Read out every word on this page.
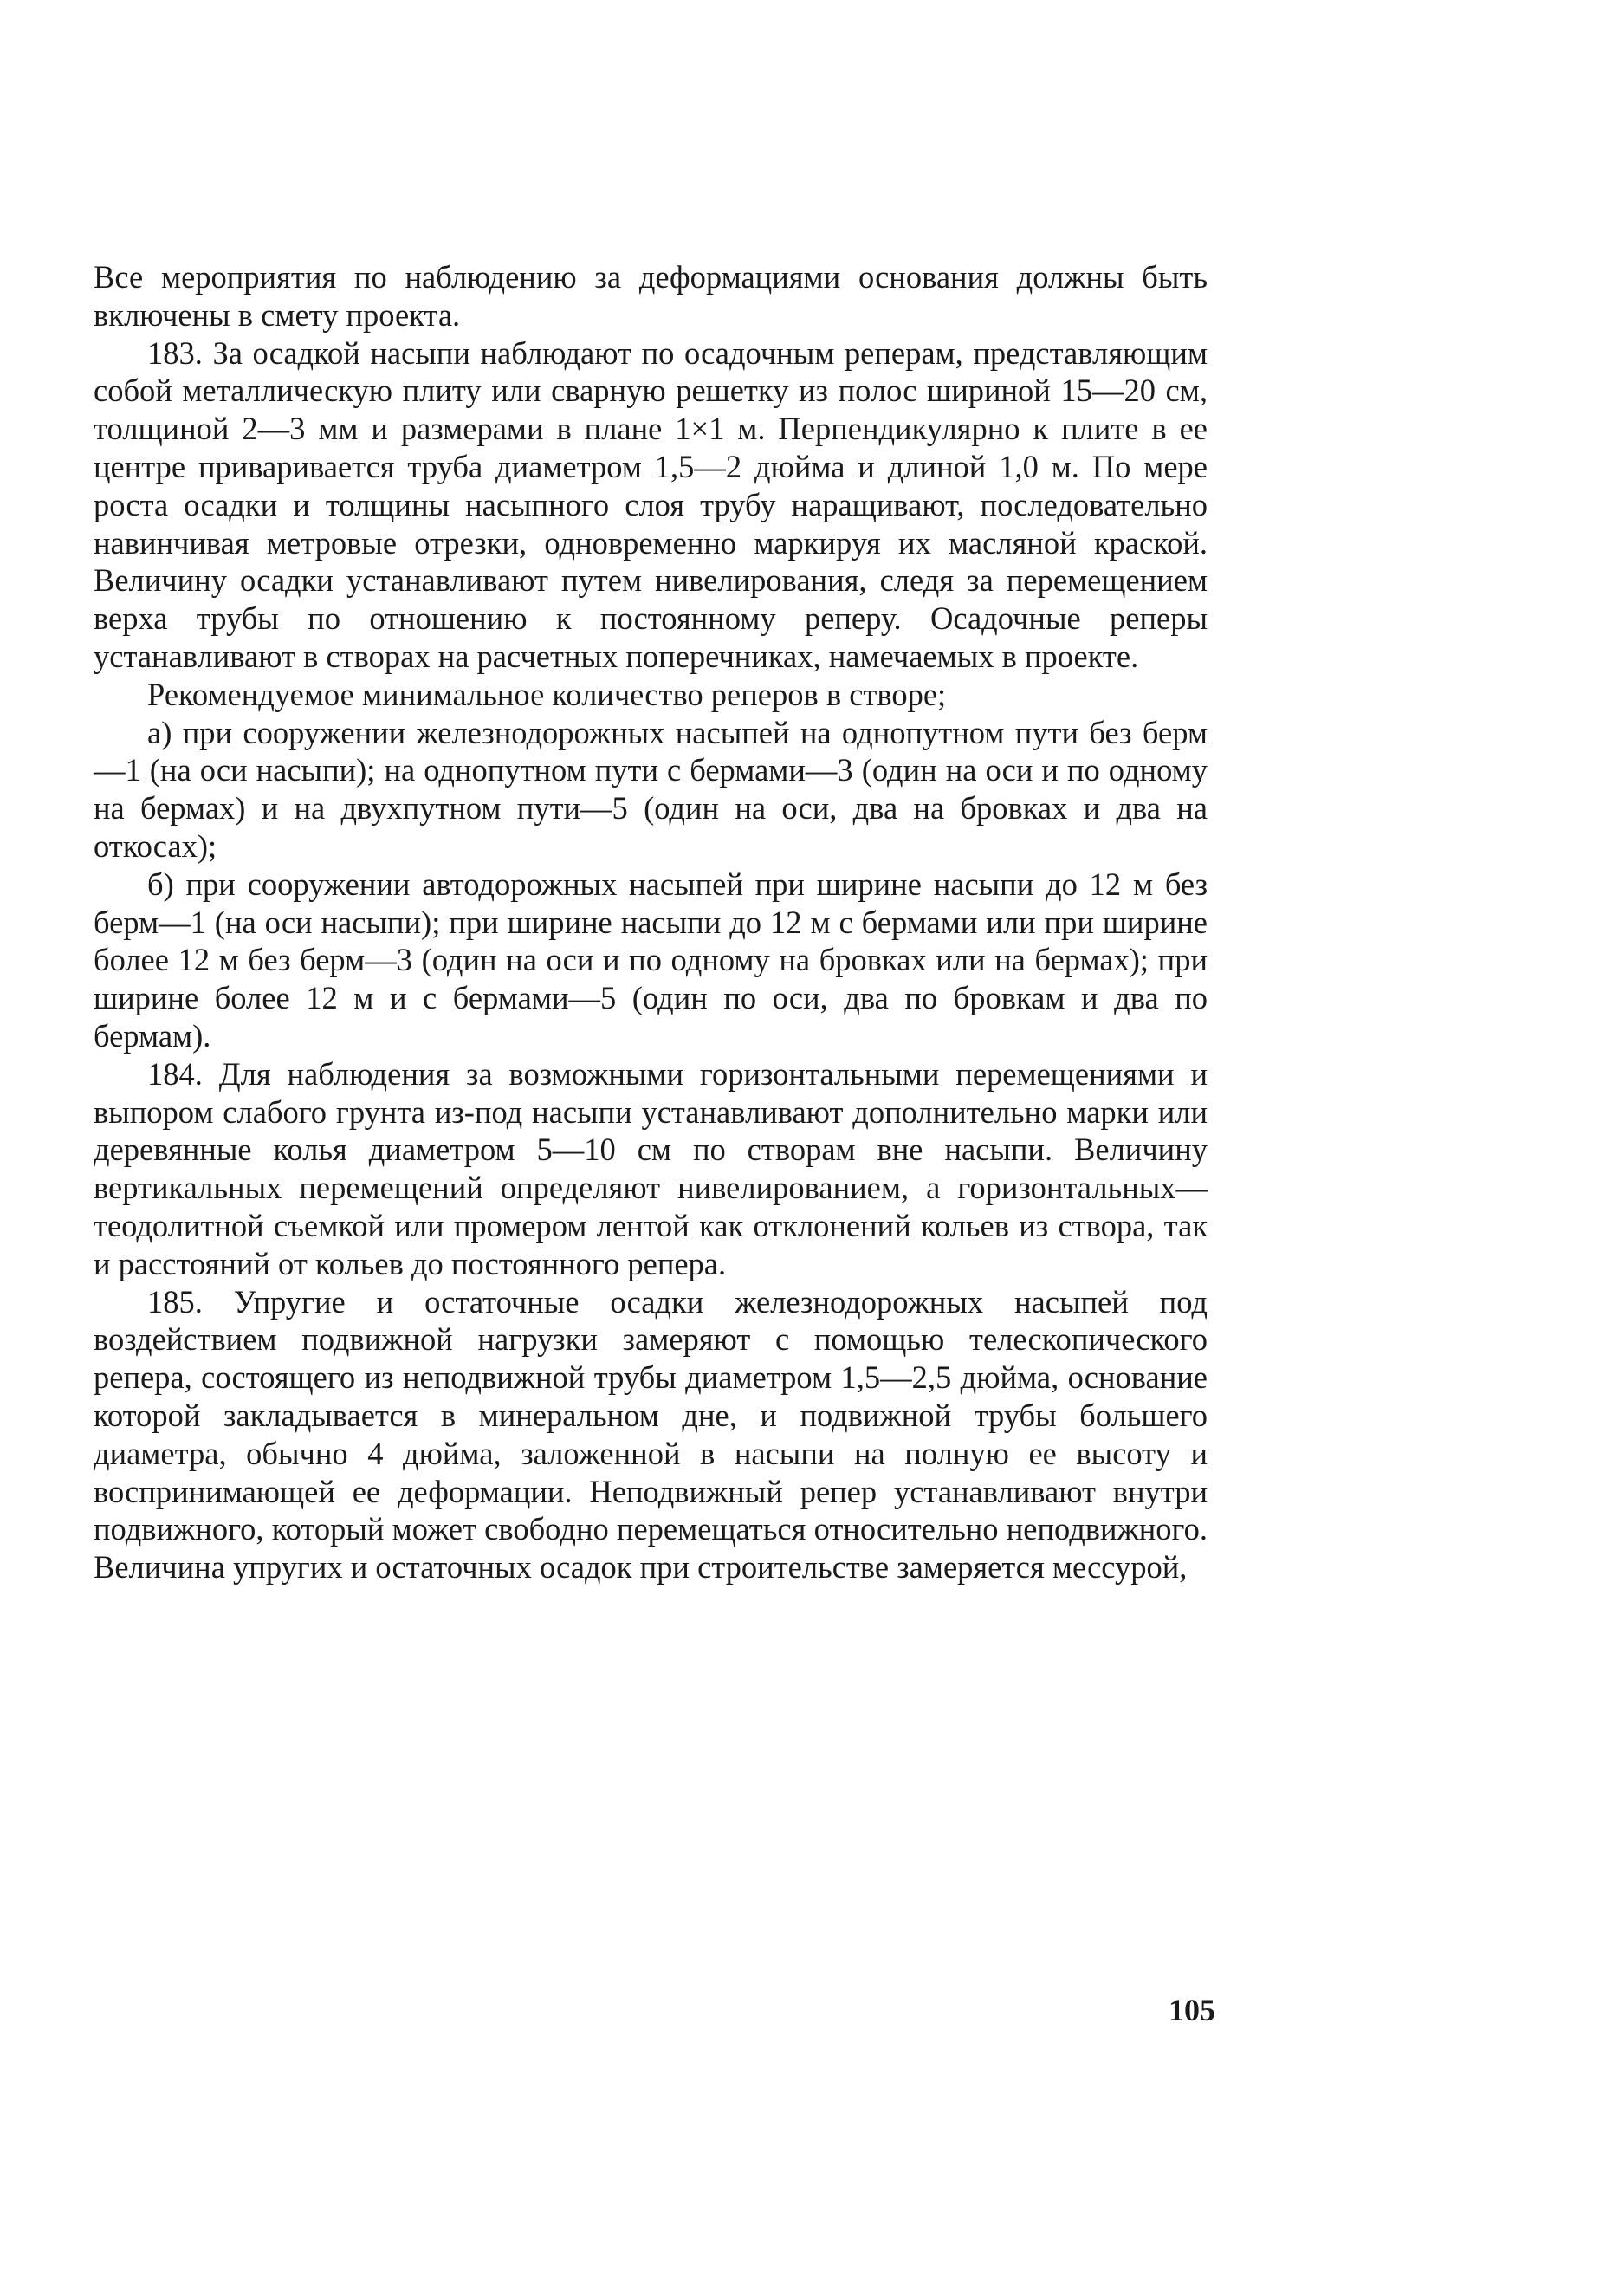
Все мероприятия по наблюдению за деформациями основания должны быть включены в смету проекта.

183. За осадкой насыпи наблюдают по осадочным реперам, представляющим собой металлическую плиту или сварную решетку из полос шириной 15—20 см, толщиной 2—3 мм и размерами в плане 1×1 м. Перпендикулярно к плите в ее центре приваривается труба диаметром 1,5—2 дюйма и длиной 1,0 м. По мере роста осадки и толщины насыпного слоя трубу наращивают, последовательно навинчивая метровые отрезки, одновременно маркируя их масляной краской. Величину осадки устанавливают путем нивелирования, следя за перемещением верха трубы по отношению к постоянному реперу. Осадочные реперы устанавливают в створах на расчетных поперечниках, намечаемых в проекте.

Рекомендуемое минимальное количество реперов в створе;

а) при сооружении железнодорожных насыпей на однопутном пути без берм—1 (на оси насыпи); на однопутном пути с бермами—3 (один на оси и по одному на бермах) и на двухпутном пути—5 (один на оси, два на бровках и два на откосах);

б) при сооружении автодорожных насыпей при ширине насыпи до 12 м без берм—1 (на оси насыпи); при ширине насыпи до 12 м с бермами или при ширине более 12 м без берм—3 (один на оси и по одному на бровках или на бермах); при ширине более 12 м и с бермами—5 (один по оси, два по бровкам и два по бермам).

184. Для наблюдения за возможными горизонтальными перемещениями и выпором слабого грунта из-под насыпи устанавливают дополнительно марки или деревянные колья диаметром 5—10 см по створам вне насыпи. Величину вертикальных перемещений определяют нивелированием, а горизонтальных—теодолитной съемкой или промером лентой как отклонений кольев из створа, так и расстояний от кольев до постоянного репера.

185. Упругие и остаточные осадки железнодорожных насыпей под воздействием подвижной нагрузки замеряют с помощью телескопического репера, состоящего из неподвижной трубы диаметром 1,5—2,5 дюйма, основание которой закладывается в минеральном дне, и подвижной трубы большего диаметра, обычно 4 дюйма, заложенной в насыпи на полную ее высоту и воспринимающей ее деформации. Неподвижный репер устанавливают внутри подвижного, который может свободно перемещаться относительно неподвижного. Величина упругих и остаточных осадок при строительстве замеряется мессурой,

105
